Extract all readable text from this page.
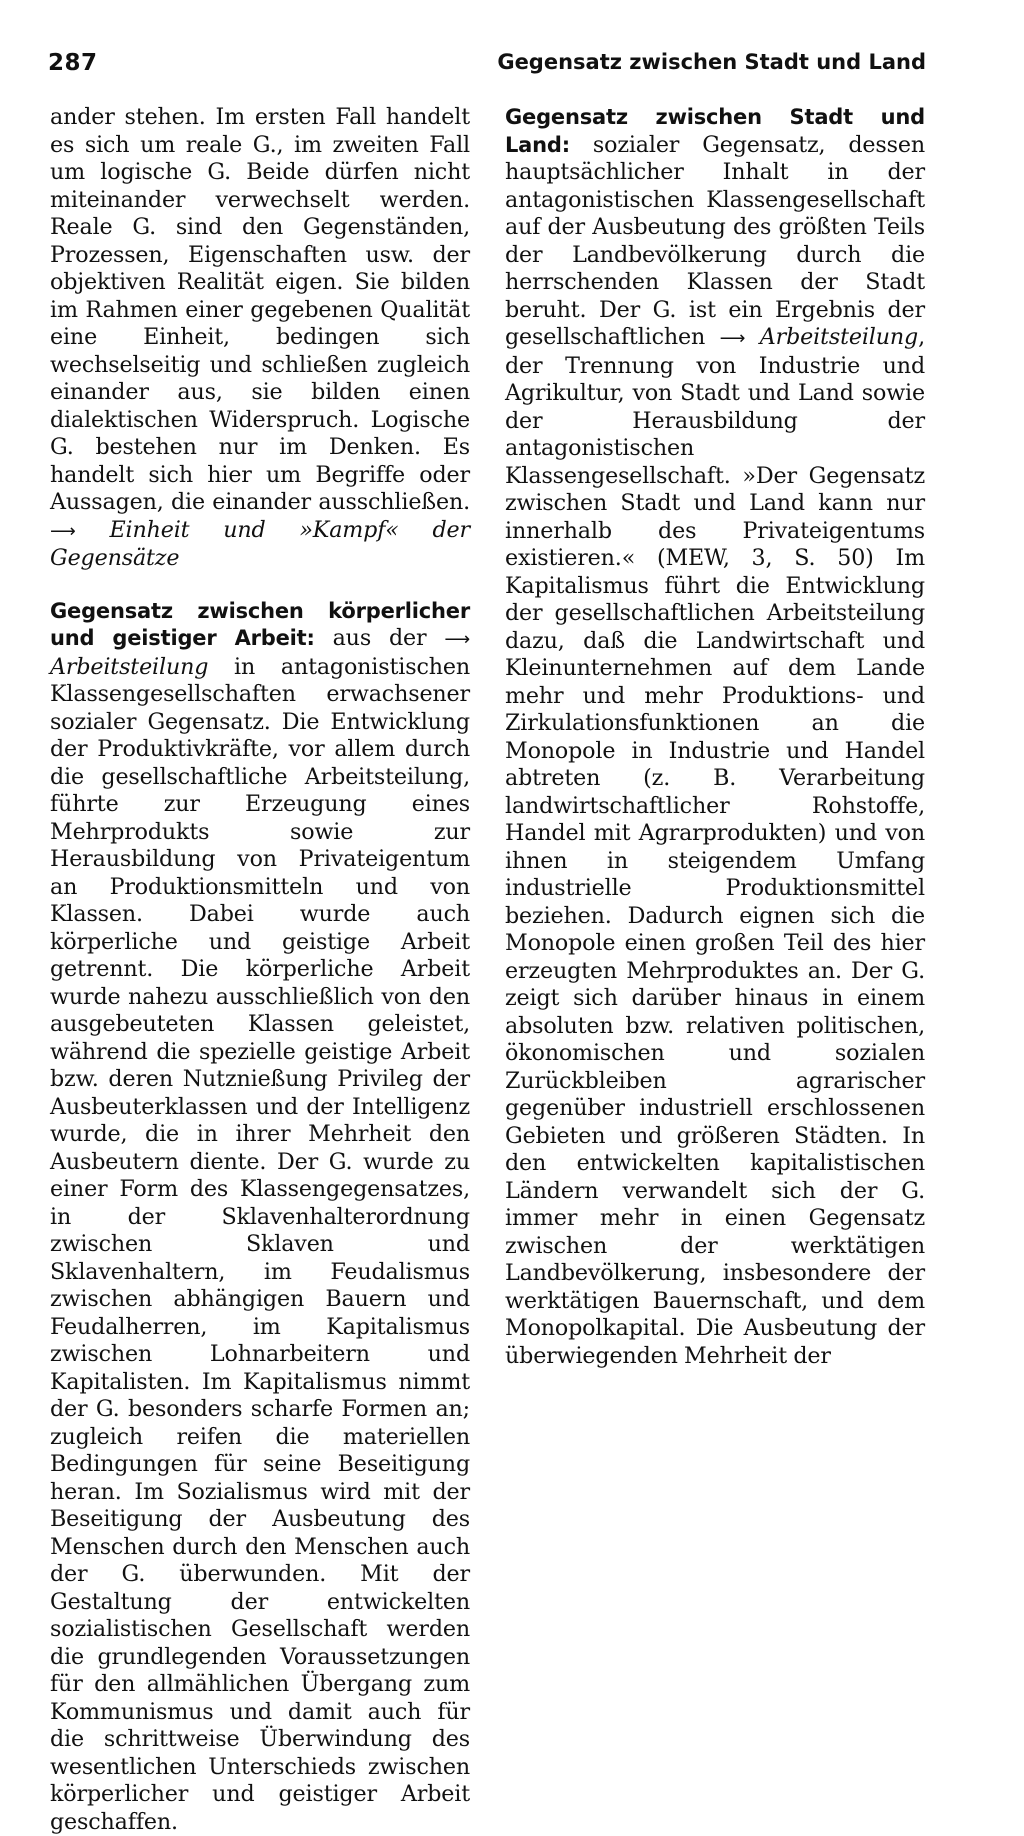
287	Gegensatz zwischen Stadt und Land

ander stehen. Im ersten Fall handelt es sich um reale G., im zweiten Fall um logische G. Beide dürfen nicht miteinander verwechselt werden. Reale G. sind den Gegenständen, Prozessen, Eigenschaften usw. der objektiven Realität eigen. Sie bilden im Rahmen einer gegebenen Qualität eine Einheit, bedingen sich wechselseitig und schließen zugleich einander aus, sie bilden einen dialektischen Widerspruch. Logische G. bestehen nur im Denken. Es handelt sich hier um Begriffe oder Aussagen, die einander ausschließen. ⟶ Einheit und »Kampf« der Gegensätze

Gegensatz zwischen körperlicher und geistiger Arbeit: aus der ⟶ Arbeitsteilung in antagonistischen Klassengesellschaften erwachsener sozialer Gegensatz. Die Entwicklung der Produktivkräfte, vor allem durch die gesellschaftliche Arbeitsteilung, führte zur Erzeugung eines Mehrprodukts sowie zur Herausbildung von Privateigentum an Produktionsmitteln und von Klassen. Dabei wurde auch körperliche und geistige Arbeit getrennt. Die körperliche Arbeit wurde nahezu ausschließlich von den ausgebeuteten Klassen geleistet, während die spezielle geistige Arbeit bzw. deren Nutznießung Privileg der Ausbeuterklassen und der Intelligenz wurde, die in ihrer Mehrheit den Ausbeutern diente. Der G. wurde zu einer Form des Klassengegensatzes, in der Sklavenhalterordnung zwischen Sklaven und Sklavenhaltern, im Feudalismus zwischen abhängigen Bauern und Feudalherren, im Kapitalismus zwischen Lohnarbeitern und Kapitalisten. Im Kapitalismus nimmt der G. besonders scharfe Formen an; zugleich reifen die materiellen Bedingungen für seine Beseitigung heran. Im Sozialismus wird mit der Beseitigung der Ausbeutung des Menschen durch den Menschen auch der G. überwunden. Mit der Gestaltung der entwickelten sozialistischen Gesellschaft werden die grundlegenden Voraussetzungen für den allmählichen Übergang zum Kommunismus und damit auch für die schrittweise Überwindung des wesentlichen Unterschieds zwischen körperlicher und geistiger Arbeit geschaffen.

Gegensatz zwischen Stadt und Land: sozialer Gegensatz, dessen hauptsächlicher Inhalt in der antagonistischen Klassengesellschaft auf der Ausbeutung des größten Teils der Landbevölkerung durch die herrschenden Klassen der Stadt beruht. Der G. ist ein Ergebnis der gesellschaftlichen ⟶ Arbeitsteilung, der Trennung von Industrie und Agrikultur, von Stadt und Land sowie der Herausbildung der antagonistischen Klassengesellschaft. »Der Gegensatz zwischen Stadt und Land kann nur innerhalb des Privateigentums existieren.« (MEW, 3, S. 50) Im Kapitalismus führt die Entwicklung der gesellschaftlichen Arbeitsteilung dazu, daß die Landwirtschaft und Kleinunternehmen auf dem Lande mehr und mehr Produktions- und Zirkulationsfunktionen an die Monopole in Industrie und Handel abtreten (z. B. Verarbeitung landwirtschaftlicher Rohstoffe, Handel mit Agrarprodukten) und von ihnen in steigendem Umfang industrielle Produktionsmittel beziehen. Dadurch eignen sich die Monopole einen großen Teil des hier erzeugten Mehrproduktes an. Der G. zeigt sich darüber hinaus in einem absoluten bzw. relativen politischen, ökonomischen und sozialen Zurückbleiben agrarischer gegenüber industriell erschlossenen Gebieten und größeren Städten. In den entwickelten kapitalistischen Ländern verwandelt sich der G. immer mehr in einen Gegensatz zwischen der werktätigen Landbevölkerung, insbesondere der werktätigen Bauernschaft, und dem Monopolkapital. Die Ausbeutung der überwiegenden Mehrheit der
